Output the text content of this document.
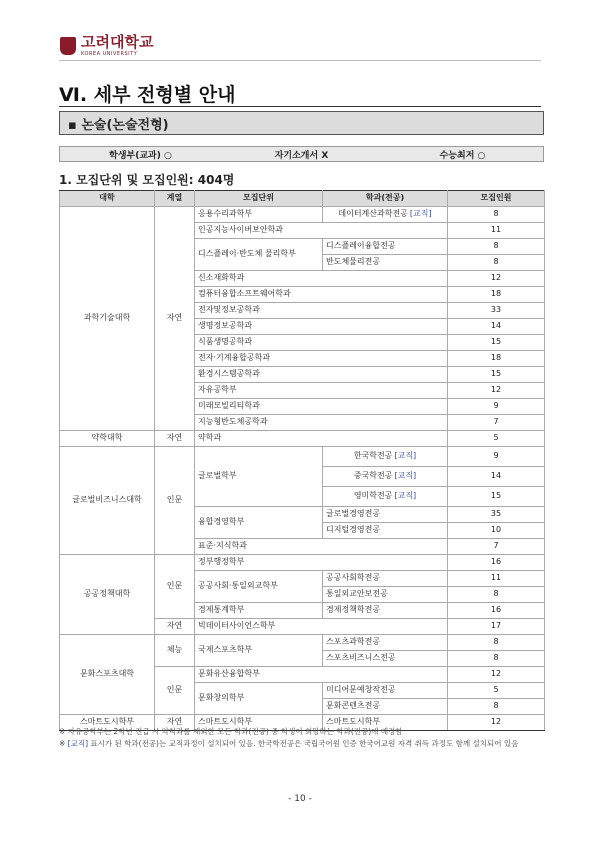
고려대학교
KOREA UNIVERSITY
Ⅵ. 세부 전형별 안내
▪ 논술(논술전형)
학생부(교과) ○	자기소개서 X	수능최저 ○
1. 모집단위 및 모집인원: 404명
대학	계열	모집단위	학과(전공)	모집인원
과학기술대학	자연	응용수리과학부	데이터계산과학전공 [교직]	8
		인공지능사이버보안학과		11
		디스플레이·반도체 물리학부	디스플레이융합전공	8
			반도체물리전공	8
		신소재화학과		12
		컴퓨터융합소프트웨어학과		18
		전자및정보공학과		33
		생명정보공학과		14
		식품생명공학과		15
		전자·기계융합공학과		18
		환경시스템공학과		15
		자유공학부		12
		미래모빌리티학과		9
		지능형반도체공학과		7
약학대학	자연	약학과		5
글로벌비즈니스대학	인문	글로벌학부	한국학전공 [교직]	9
			중국학전공 [교직]	14
			영미학전공 [교직]	15
		융합경영학부	글로벌경영전공	35
			디지털경영전공	10
		표준·지식학과		7
공공정책대학	인문	정부행정학부		16
		공공사회·통일외교학부	공공사회학전공	11
			통일외교안보전공	8
		경제통계학부	경제정책학전공	16
	자연	빅데이터사이언스학부		17
문화스포츠대학	체능	국제스포츠학부	스포츠과학전공	8
			스포츠비즈니스전공	8
	인문	문화유산융합학부		12
		문화창의학부	미디어문예창작전공	5
			문화콘텐츠전공	8
스마트도시학부	자연	스마트도시학부	스마트도시학부	12
※ 자유공학부는 2학년 진급 시 약학과를 제외한 모든 학과(전공) 중 학생이 희망하는 학과(전공)에 배정함
※ [교직] 표시가 된 학과(전공)는 교직과정이 설치되어 있음. 한국학전공은 국립국어원 인증 한국어교원 자격 취득 과정도 함께 설치되어 있음
- 10 -
